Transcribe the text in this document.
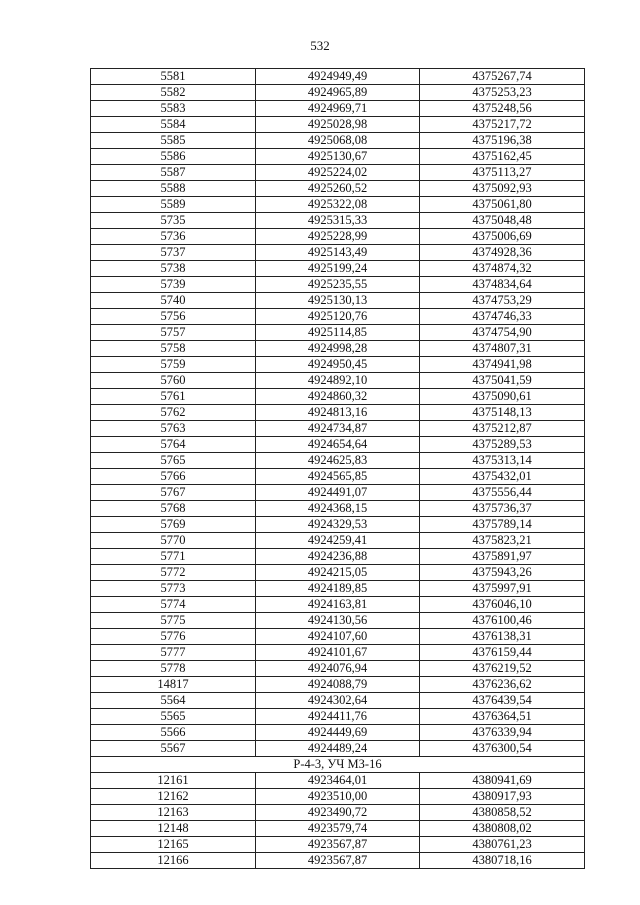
532
5581	4924949,49	4375267,74
5582	4924965,89	4375253,23
5583	4924969,71	4375248,56
5584	4925028,98	4375217,72
5585	4925068,08	4375196,38
5586	4925130,67	4375162,45
5587	4925224,02	4375113,27
5588	4925260,52	4375092,93
5589	4925322,08	4375061,80
5735	4925315,33	4375048,48
5736	4925228,99	4375006,69
5737	4925143,49	4374928,36
5738	4925199,24	4374874,32
5739	4925235,55	4374834,64
5740	4925130,13	4374753,29
5756	4925120,76	4374746,33
5757	4925114,85	4374754,90
5758	4924998,28	4374807,31
5759	4924950,45	4374941,98
5760	4924892,10	4375041,59
5761	4924860,32	4375090,61
5762	4924813,16	4375148,13
5763	4924734,87	4375212,87
5764	4924654,64	4375289,53
5765	4924625,83	4375313,14
5766	4924565,85	4375432,01
5767	4924491,07	4375556,44
5768	4924368,15	4375736,37
5769	4924329,53	4375789,14
5770	4924259,41	4375823,21
5771	4924236,88	4375891,97
5772	4924215,05	4375943,26
5773	4924189,85	4375997,91
5774	4924163,81	4376046,10
5775	4924130,56	4376100,46
5776	4924107,60	4376138,31
5777	4924101,67	4376159,44
5778	4924076,94	4376219,52
14817	4924088,79	4376236,62
5564	4924302,64	4376439,54
5565	4924411,76	4376364,51
5566	4924449,69	4376339,94
5567	4924489,24	4376300,54
Р-4-3, УЧ МЗ-16		
12161	4923464,01	4380941,69
12162	4923510,00	4380917,93
12163	4923490,72	4380858,52
12148	4923579,74	4380808,02
12165	4923567,87	4380761,23
12166	4923567,87	4380718,16
